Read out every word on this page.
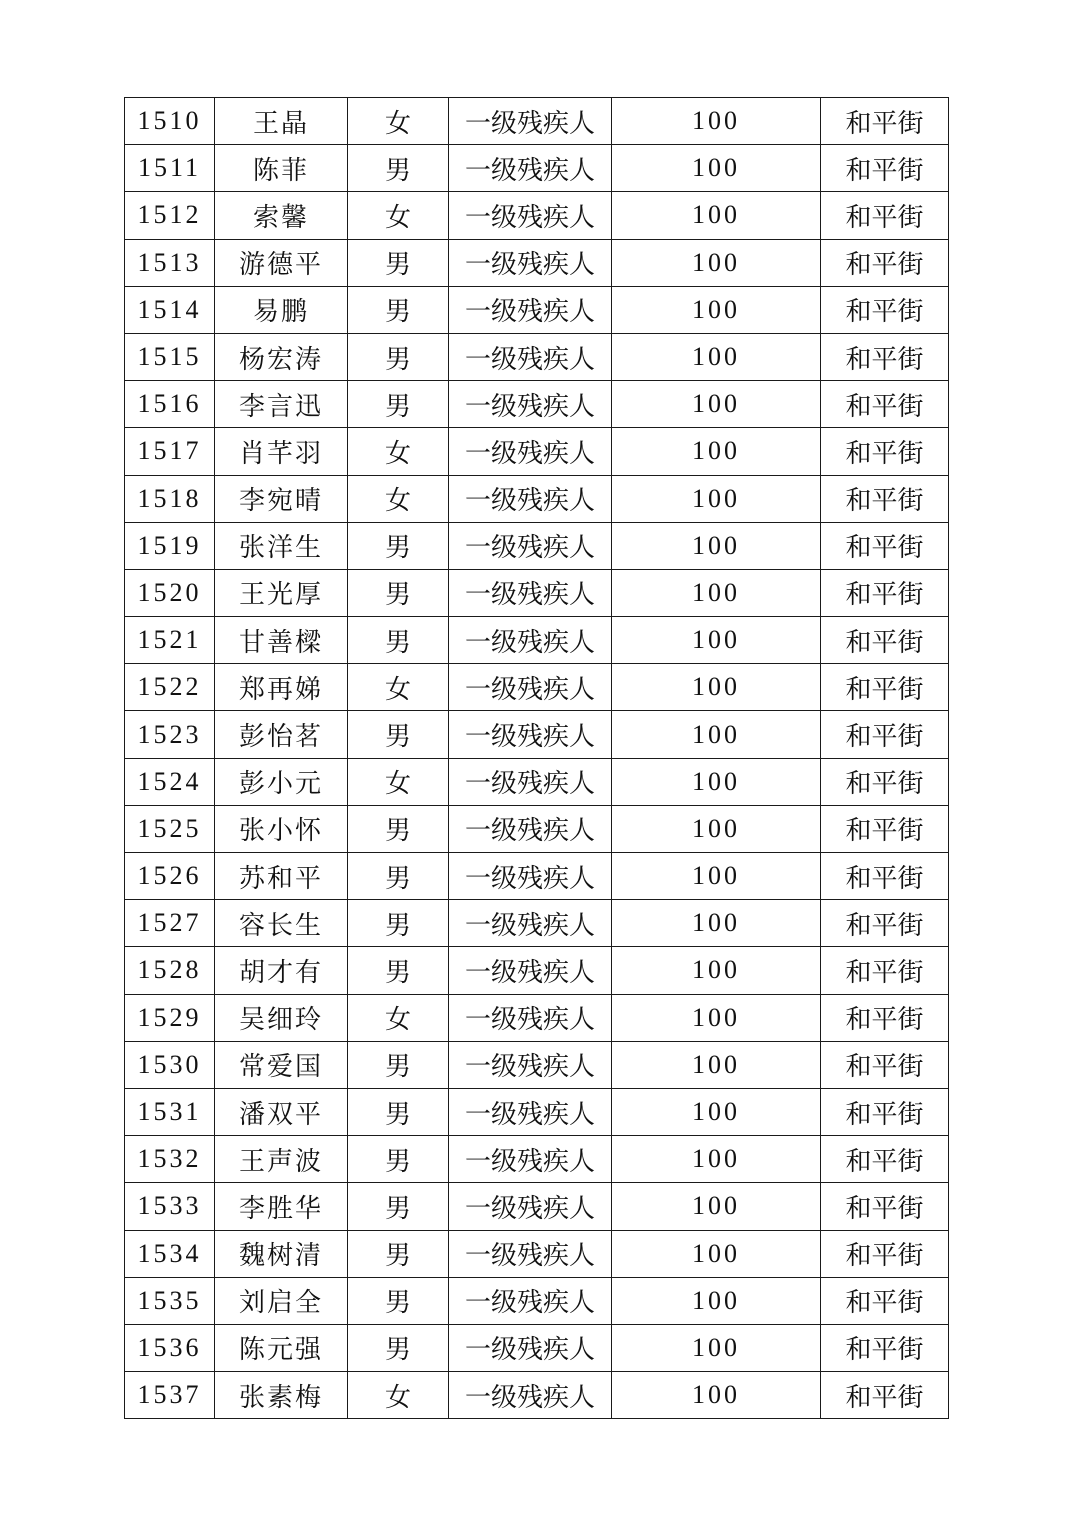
1510	王晶	女	一级残疾人	100	和平街
1511	陈菲	男	一级残疾人	100	和平街
1512	索馨	女	一级残疾人	100	和平街
1513	游德平	男	一级残疾人	100	和平街
1514	易鹏	男	一级残疾人	100	和平街
1515	杨宏涛	男	一级残疾人	100	和平街
1516	李言迅	男	一级残疾人	100	和平街
1517	肖芊羽	女	一级残疾人	100	和平街
1518	李宛晴	女	一级残疾人	100	和平街
1519	张洋生	男	一级残疾人	100	和平街
1520	王光厚	男	一级残疾人	100	和平街
1521	甘善樑	男	一级残疾人	100	和平街
1522	郑再娣	女	一级残疾人	100	和平街
1523	彭怡茗	男	一级残疾人	100	和平街
1524	彭小元	女	一级残疾人	100	和平街
1525	张小怀	男	一级残疾人	100	和平街
1526	苏和平	男	一级残疾人	100	和平街
1527	容长生	男	一级残疾人	100	和平街
1528	胡才有	男	一级残疾人	100	和平街
1529	吴细玲	女	一级残疾人	100	和平街
1530	常爱国	男	一级残疾人	100	和平街
1531	潘双平	男	一级残疾人	100	和平街
1532	王声波	男	一级残疾人	100	和平街
1533	李胜华	男	一级残疾人	100	和平街
1534	魏树清	男	一级残疾人	100	和平街
1535	刘启全	男	一级残疾人	100	和平街
1536	陈元强	男	一级残疾人	100	和平街
1537	张素梅	女	一级残疾人	100	和平街
